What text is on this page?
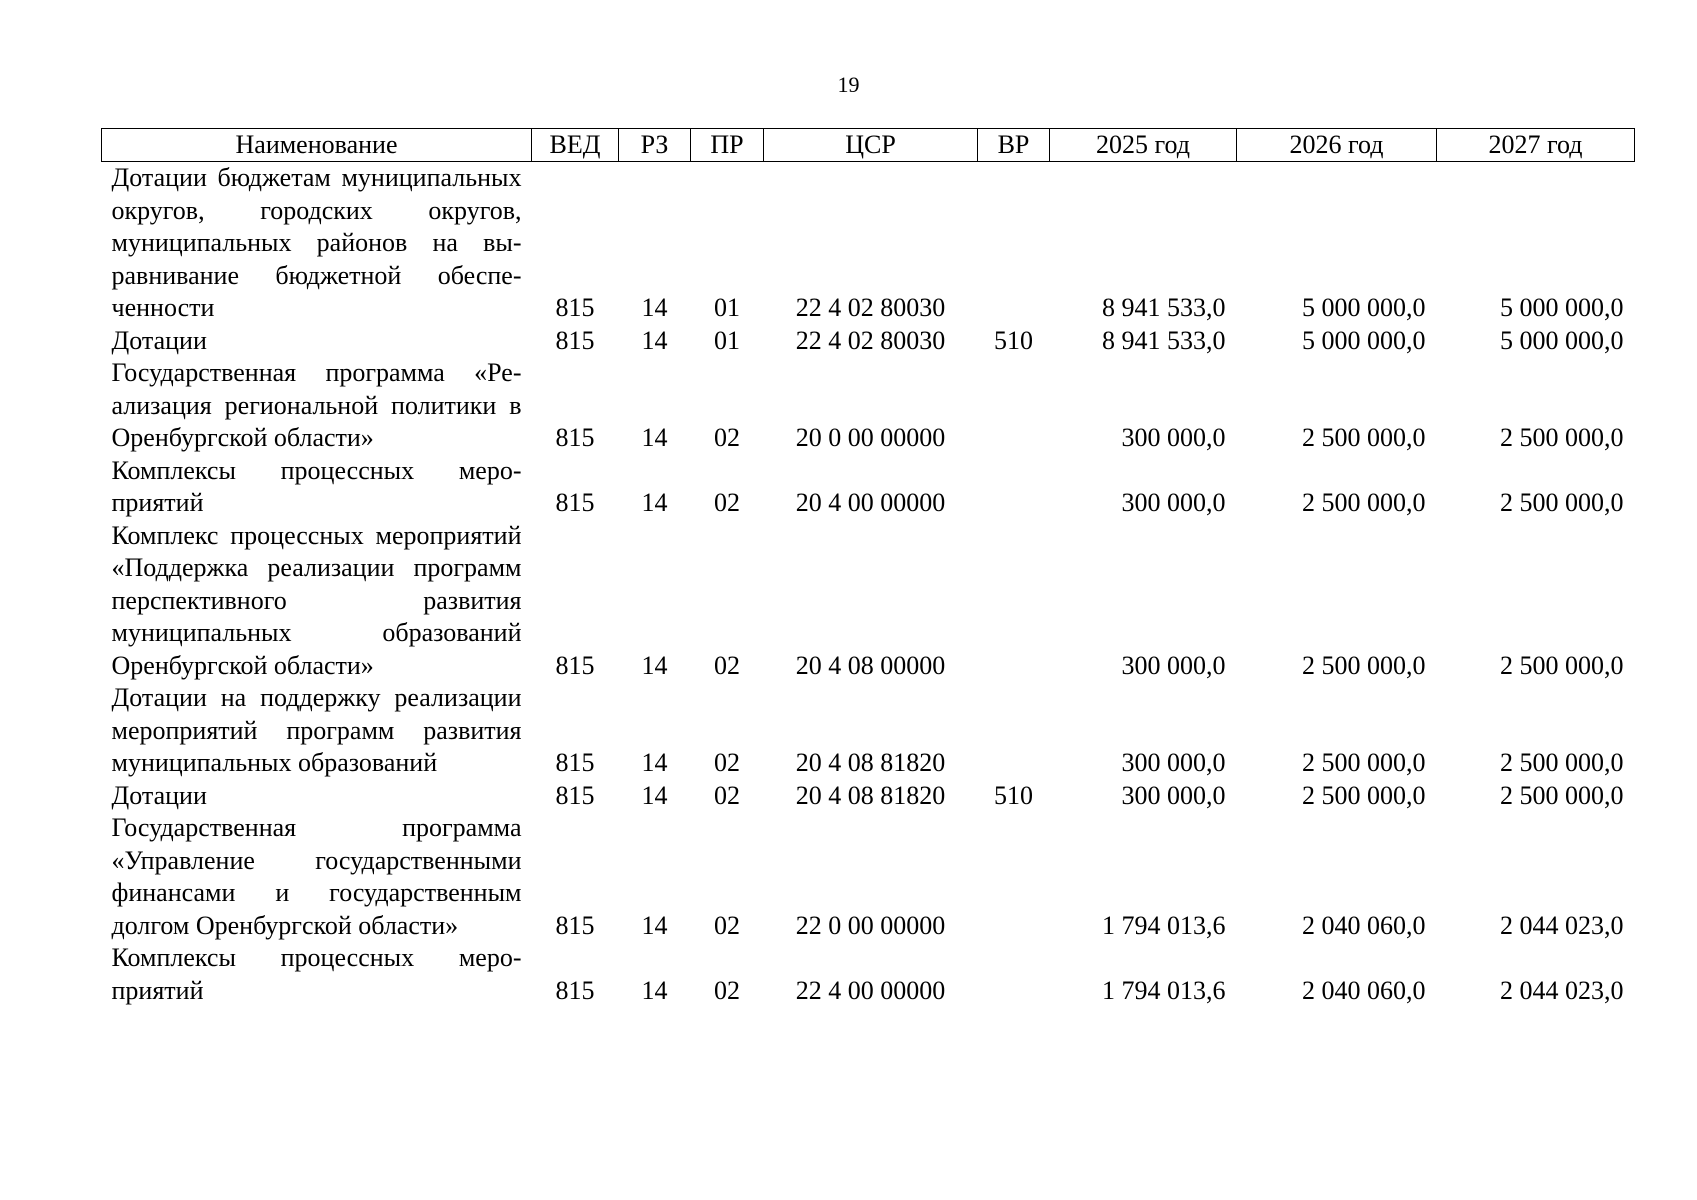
19
Наименование	ВЕД	РЗ	ПР	ЦСР	ВР	2025 год	2026 год	2027 год
Дотации бюджетам муниципальных округов, городских округов, муниципальных районов на выравнивание бюджетной обеспеченности	815	14	01	22 4 02 80030		8 941 533,0	5 000 000,0	5 000 000,0
Дотации	815	14	01	22 4 02 80030	510	8 941 533,0	5 000 000,0	5 000 000,0
Государственная программа «Реализация региональной политики в Оренбургской области»	815	14	02	20 0 00 00000		300 000,0	2 500 000,0	2 500 000,0
Комплексы процессных мероприятий	815	14	02	20 4 00 00000		300 000,0	2 500 000,0	2 500 000,0
Комплекс процессных мероприятий «Поддержка реализации программ перспективного развития муниципальных образований Оренбургской области»	815	14	02	20 4 08 00000		300 000,0	2 500 000,0	2 500 000,0
Дотации на поддержку реализации мероприятий программ развития муниципальных образований	815	14	02	20 4 08 81820		300 000,0	2 500 000,0	2 500 000,0
Дотации	815	14	02	20 4 08 81820	510	300 000,0	2 500 000,0	2 500 000,0
Государственная программа «Управление государственными финансами и государственным долгом Оренбургской области»	815	14	02	22 0 00 00000		1 794 013,6	2 040 060,0	2 044 023,0
Комплексы процессных мероприятий	815	14	02	22 4 00 00000		1 794 013,6	2 040 060,0	2 044 023,0
